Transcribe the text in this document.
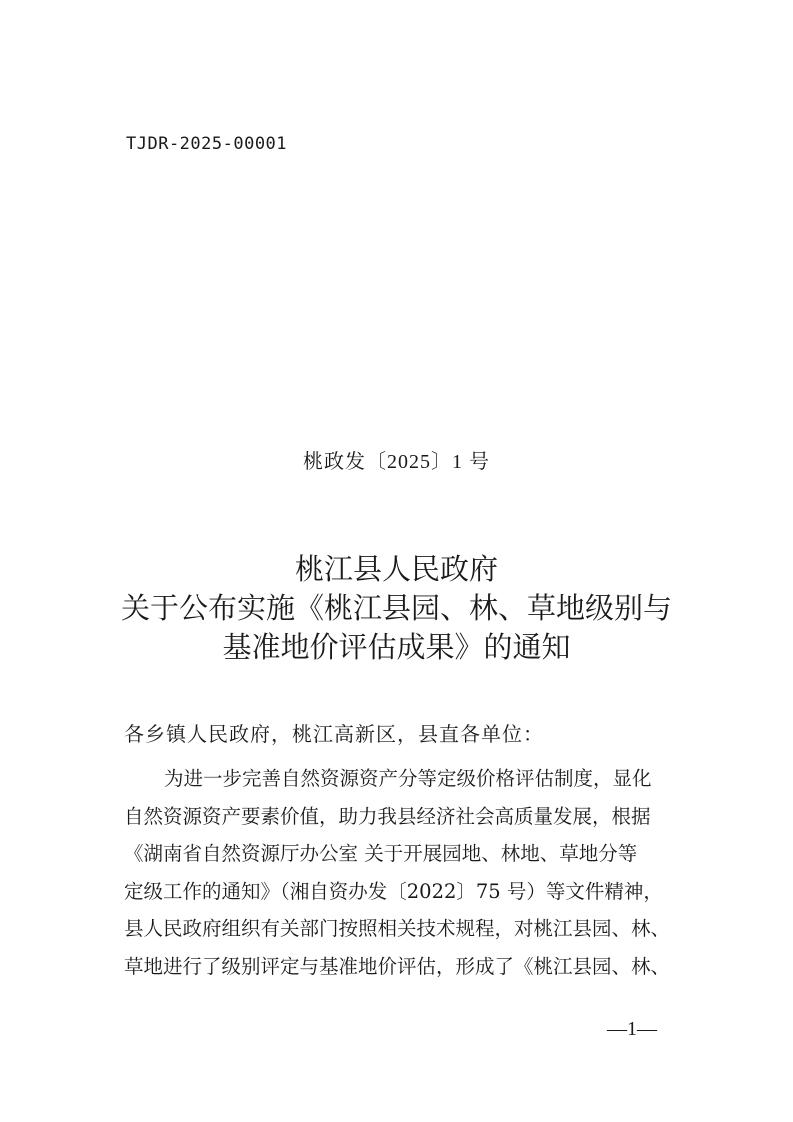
TJDR-2025-00001
桃政发〔2025〕1 号
桃江县人民政府
关于公布实施《桃江县园、林、草地级别与
基准地价评估成果》的通知
各乡镇人民政府，桃江高新区，县直各单位：
为进一步完善自然资源资产分等定级价格评估制度，显化
自然资源资产要素价值，助力我县经济社会高质量发展，根据
《湖南省自然资源厅办公室 关于开展园地、林地、草地分等
定级工作的通知》（湘自资办发〔2022〕75 号）等文件精神，
县人民政府组织有关部门按照相关技术规程，对桃江县园、林、
草地进行了级别评定与基准地价评估，形成了《桃江县园、林、
—1—
